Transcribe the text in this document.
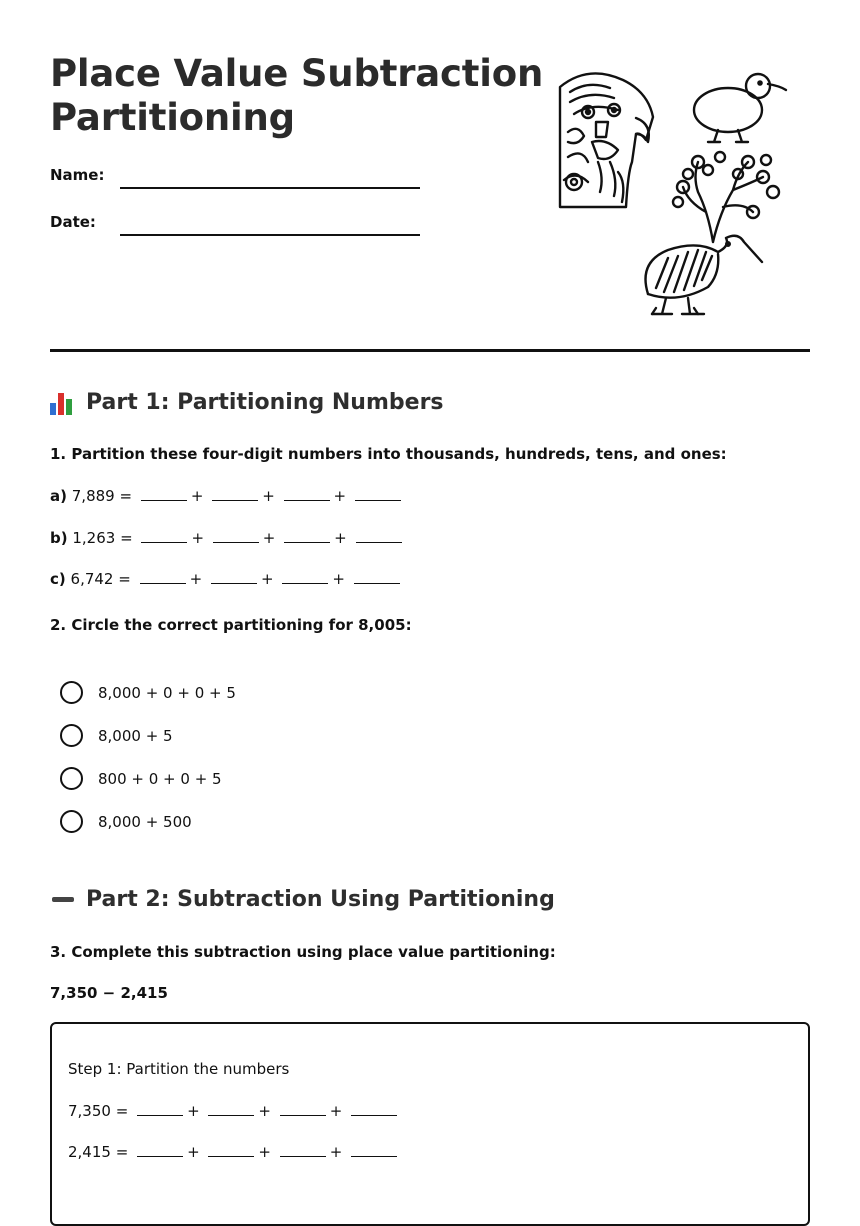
Place Value Subtraction
Partitioning
Name:
Date:
Part 1: Partitioning Numbers
1. Partition these four-digit numbers into thousands, hundreds, tens, and ones:
a) 7,889 =	+	+	+
b) 1,263 =	+	+	+
c) 6,742 =	+	+	+
2. Circle the correct partitioning for 8,005:
8,000 + 0 + 0 + 5
8,000 + 5
800 + 0 + 0 + 5
8,000 + 500
Part 2: Subtraction Using Partitioning
3. Complete this subtraction using place value partitioning:
7,350 − 2,415
Step 1: Partition the numbers
7,350 =	+	+	+
2,415 =	+	+	+
